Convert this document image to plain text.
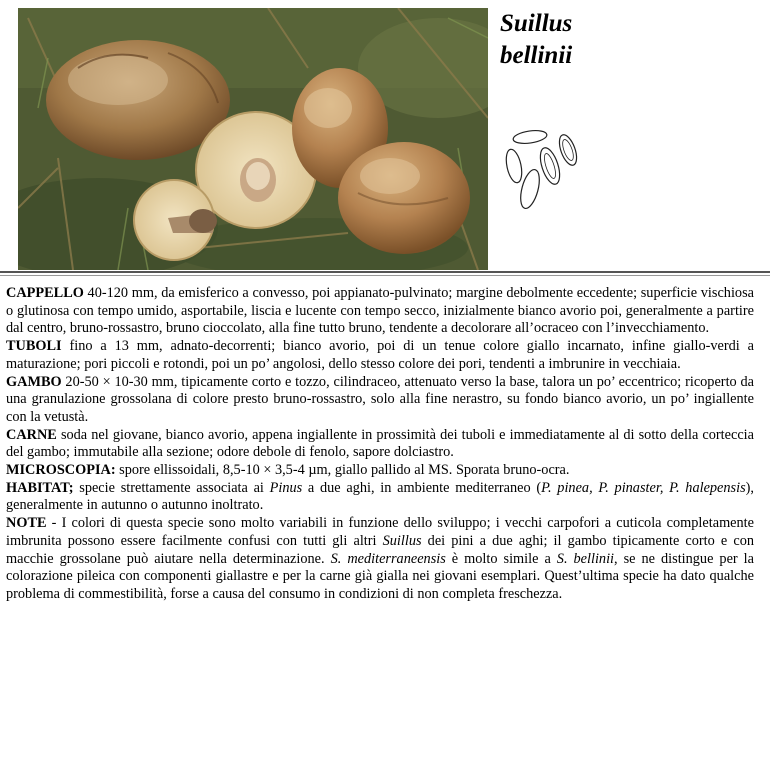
Suillus
bellinii

CAPPELLO 40-120 mm, da emisferico a convesso, poi appianato-pulvinato; margine debolmente eccedente; superficie vischiosa o glutinosa con tempo umido, asportabile, liscia e lucente con tempo secco, inizialmente bianco avorio poi, generalmente a partire dal centro, bruno-rossastro, bruno cioccolato, alla fine tutto bruno, tendente a decolorare all’ocraceo con l’invecchiamento.

TUBOLI fino a 13 mm, adnato-decorrenti; bianco avorio, poi di un tenue colore giallo incarnato, infine giallo-verdi a maturazione; pori piccoli e rotondi, poi un po’ angolosi, dello stesso colore dei pori, tendenti a imbrunire in vecchiaia.

GAMBO 20-50 × 10-30 mm, tipicamente corto e tozzo, cilindraceo, attenuato verso la base, talora un po’ eccentrico; ricoperto da una granulazione grossolana di colore presto bruno-rossastro, solo alla fine nerastro, su fondo bianco avorio, un po’ ingiallente con la vetustà.

CARNE soda nel giovane, bianco avorio, appena ingiallente in prossimità dei tuboli e immediatamente al di sotto della corteccia del gambo; immutabile alla sezione; odore debole di fenolo, sapore dolciastro.

MICROSCOPIA: spore ellissoidali, 8,5-10 × 3,5-4 µm, giallo pallido al MS. Sporata bruno-ocra.

HABITAT; specie strettamente associata ai Pinus a due aghi, in ambiente mediterraneo (P. pinea, P. pinaster, P. halepensis), generalmente in autunno o autunno inoltrato.

NOTE - I colori di questa specie sono molto variabili in funzione dello sviluppo; i vecchi carpofori a cuticola completamente imbrunita possono essere facilmente confusi con tutti gli altri Suillus dei pini a due aghi; il gambo tipicamente corto e con macchie grossolane può aiutare nella determinazione. S. mediterraneensis è molto simile a S. bellinii, se ne distingue per la colorazione pileica con componenti giallastre e per la carne già gialla nei giovani esemplari. Quest’ultima specie ha dato qualche problema di commestibilità, forse a causa del consumo in condizioni di non completa freschezza.
